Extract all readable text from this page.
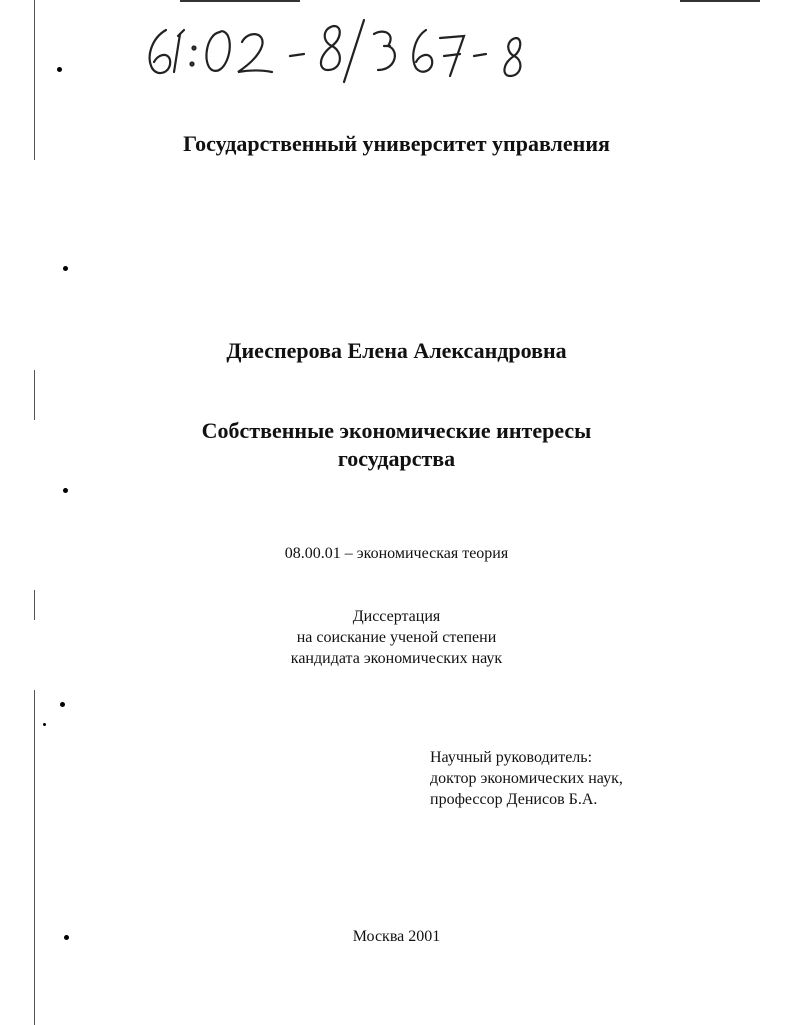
Государственный университет управления
Диесперова Елена Александровна
Собственные экономические интересы
государства
08.00.01 – экономическая теория
Диссертация
на соискание ученой степени
кандидата экономических наук
Научный руководитель:
доктор экономических наук,
профессор Денисов Б.А.
Москва 2001
